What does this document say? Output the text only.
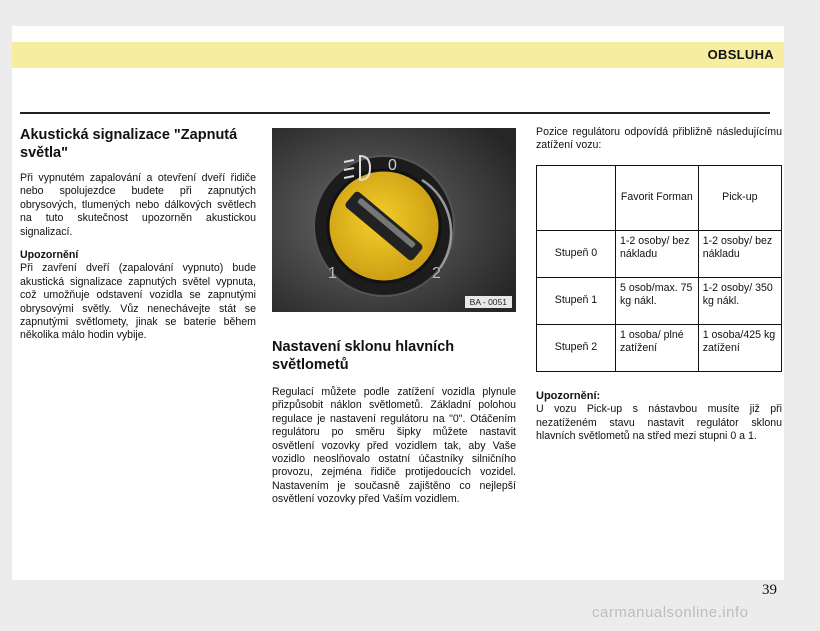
OBSLUHA
Akustická signalizace "Zapnutá světla"

Při vypnutém zapalování a otevření dveří řidiče nebo spolujezdce budete při zapnutých obrysových, tlumených nebo dálkových světlech na tuto skutečnost upozorněn akustickou signalizací.

Upozornění

Při zavření dveří (zapalování vypnuto) bude akustická signalizace zapnutých světel vypnuta, což umožňuje odstavení vozidla se zapnutými obrysovými světly. Vůz nenechávejte stát se zapnutými světlomety, jinak se baterie během několika málo hodin vybije.

0
1	2
BA - 0051
Nastavení sklonu hlavních světlometů

Regulací můžete podle zatížení vozidla plynule přizpůsobit náklon světlometů. Základní polohou regulace je nastavení regulátoru na "0". Otáčením regulátoru po směru šipky můžete nastavit osvětlení vozovky před vozidlem tak, aby Vaše vozidlo neoslňovalo ostatní účastníky silničního provozu, zejména řidiče protijedoucích vozidel. Nastavením je současně zajištěno co nejlepší osvětlení vozovky před Vaším vozidlem.

Pozice regulátoru odpovídá přibližně následujícímu zatížení vozu:

	Favorit Forman	Pick-up
Stupeň 0	1-2 osoby/ bez nákladu	1-2 osoby/ bez nákladu
Stupeň 1	5 osob/max. 75 kg nákl.	1-2 osoby/ 350 kg nákl.
Stupeň 2	1 osoba/ plné zatížení	1 osoba/425 kg zatížení

Upozornění:

U vozu Pick-up s nástavbou musíte již při nezatíženém stavu nastavit regulátor sklonu hlavních světlometů na střed mezi stupni 0 a 1.

39
carmanualsonline.info
